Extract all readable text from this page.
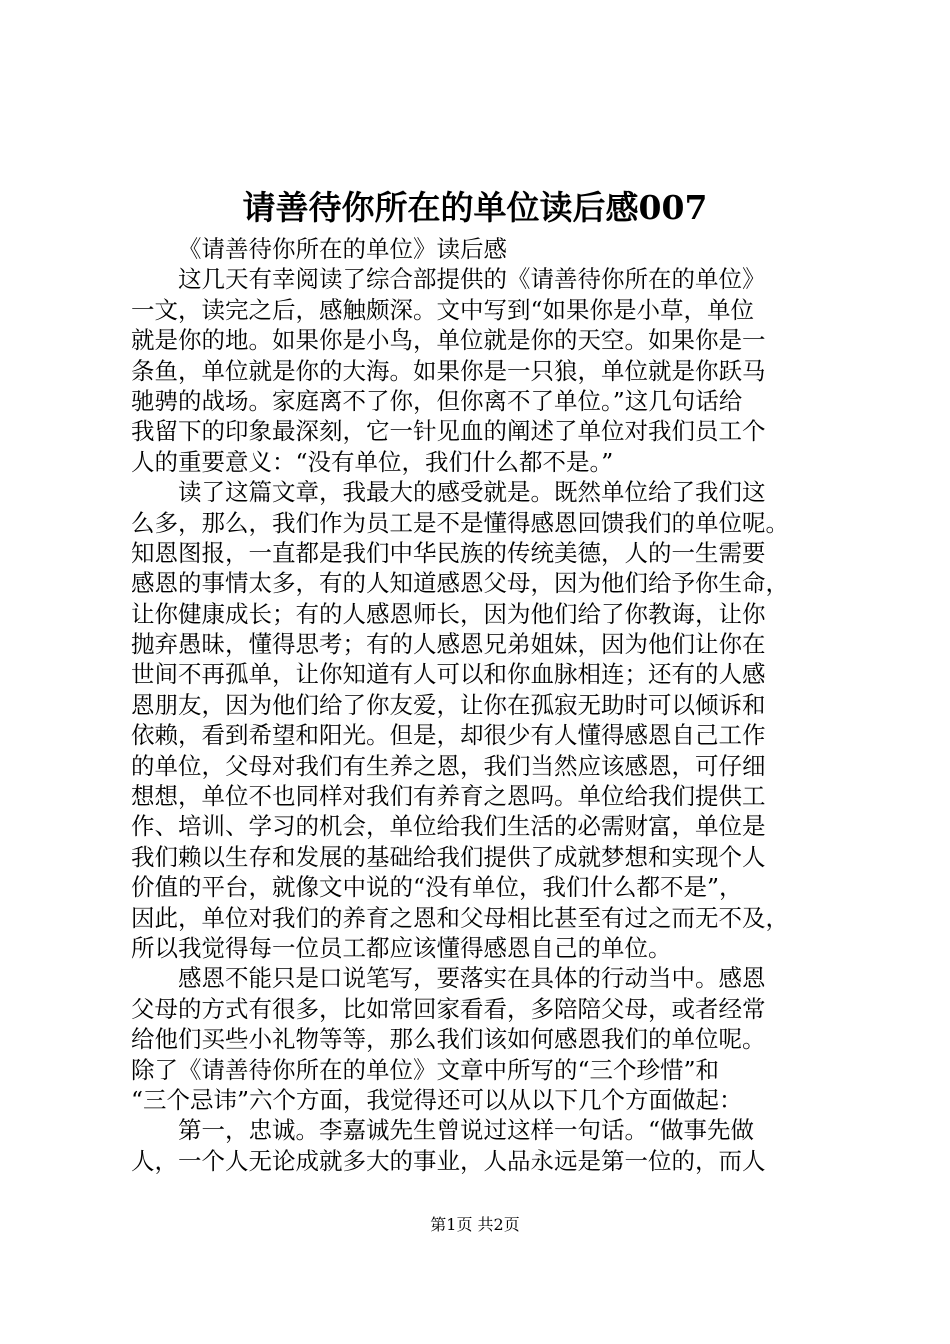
请善待你所在的单位读后感007
《请善待你所在的单位》读后感
这几天有幸阅读了综合部提供的《请善待你所在的单位》
一文，读完之后，感触颇深。文中写到“如果你是小草，单位
就是你的地。如果你是小鸟，单位就是你的天空。如果你是一
条鱼，单位就是你的大海。如果你是一只狼，单位就是你跃马
驰骋的战场。家庭离不了你，但你离不了单位。”这几句话给
我留下的印象最深刻，它一针见血的阐述了单位对我们员工个
人的重要意义：“没有单位，我们什么都不是。”
读了这篇文章，我最大的感受就是。既然单位给了我们这
么多，那么，我们作为员工是不是懂得感恩回馈我们的单位呢。
知恩图报，一直都是我们中华民族的传统美德，人的一生需要
感恩的事情太多，有的人知道感恩父母，因为他们给予你生命，
让你健康成长；有的人感恩师长，因为他们给了你教诲，让你
抛弃愚昧，懂得思考；有的人感恩兄弟姐妹，因为他们让你在
世间不再孤单，让你知道有人可以和你血脉相连；还有的人感
恩朋友，因为他们给了你友爱，让你在孤寂无助时可以倾诉和
依赖，看到希望和阳光。但是，却很少有人懂得感恩自己工作
的单位，父母对我们有生养之恩，我们当然应该感恩，可仔细
想想，单位不也同样对我们有养育之恩吗。单位给我们提供工
作、培训、学习的机会，单位给我们生活的必需财富，单位是
我们赖以生存和发展的基础给我们提供了成就梦想和实现个人
价值的平台，就像文中说的“没有单位，我们什么都不是”，
因此，单位对我们的养育之恩和父母相比甚至有过之而无不及，
所以我觉得每一位员工都应该懂得感恩自己的单位。
感恩不能只是口说笔写，要落实在具体的行动当中。感恩
父母的方式有很多，比如常回家看看，多陪陪父母，或者经常
给他们买些小礼物等等，那么我们该如何感恩我们的单位呢。
除了《请善待你所在的单位》文章中所写的“三个珍惜”和
“三个忌讳”六个方面，我觉得还可以从以下几个方面做起：
第一，忠诚。李嘉诚先生曾说过这样一句话。“做事先做
人，一个人无论成就多大的事业，人品永远是第一位的，而人
第1页 共2页
